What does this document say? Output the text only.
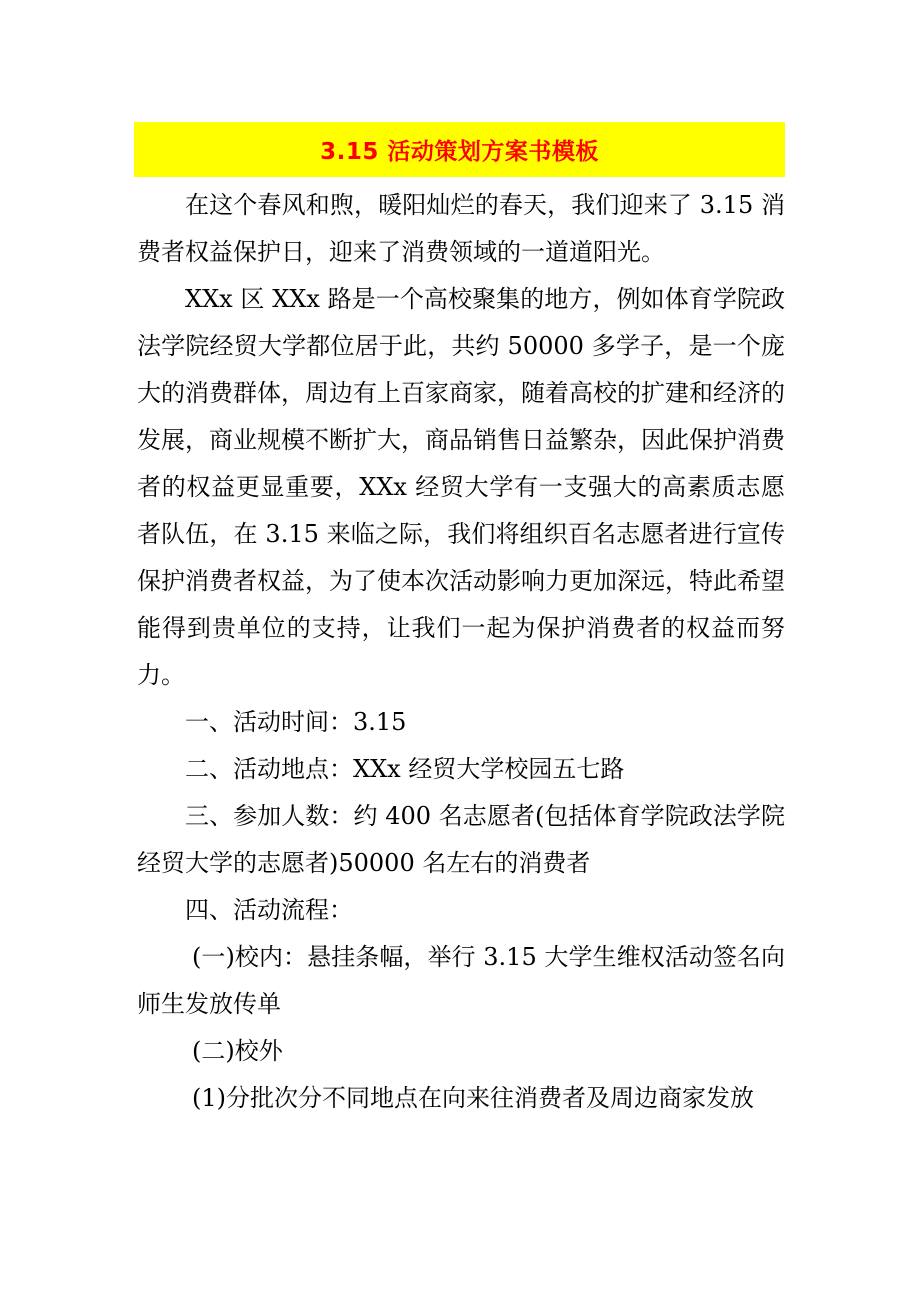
3.15 活动策划方案书模板

在这个春风和煦，暖阳灿烂的春天，我们迎来了 3.15 消费者权益保护日，迎来了消费领域的一道道阳光。

XXx 区 XXx 路是一个高校聚集的地方，例如体育学院政法学院经贸大学都位居于此，共约 50000 多学子，是一个庞大的消费群体，周边有上百家商家，随着高校的扩建和经济的发展，商业规模不断扩大，商品销售日益繁杂，因此保护消费者的权益更显重要，XXx 经贸大学有一支强大的高素质志愿者队伍，在 3.15 来临之际，我们将组织百名志愿者进行宣传保护消费者权益，为了使本次活动影响力更加深远，特此希望能得到贵单位的支持，让我们一起为保护消费者的权益而努力。

一、活动时间：3.15

二、活动地点：XXx 经贸大学校园五七路

三、参加人数：约 400 名志愿者(包括体育学院政法学院经贸大学的志愿者)50000 名左右的消费者

四、活动流程：

(一)校内：悬挂条幅，举行 3.15 大学生维权活动签名向师生发放传单

(二)校外

(1)分批次分不同地点在向来往消费者及周边商家发放
